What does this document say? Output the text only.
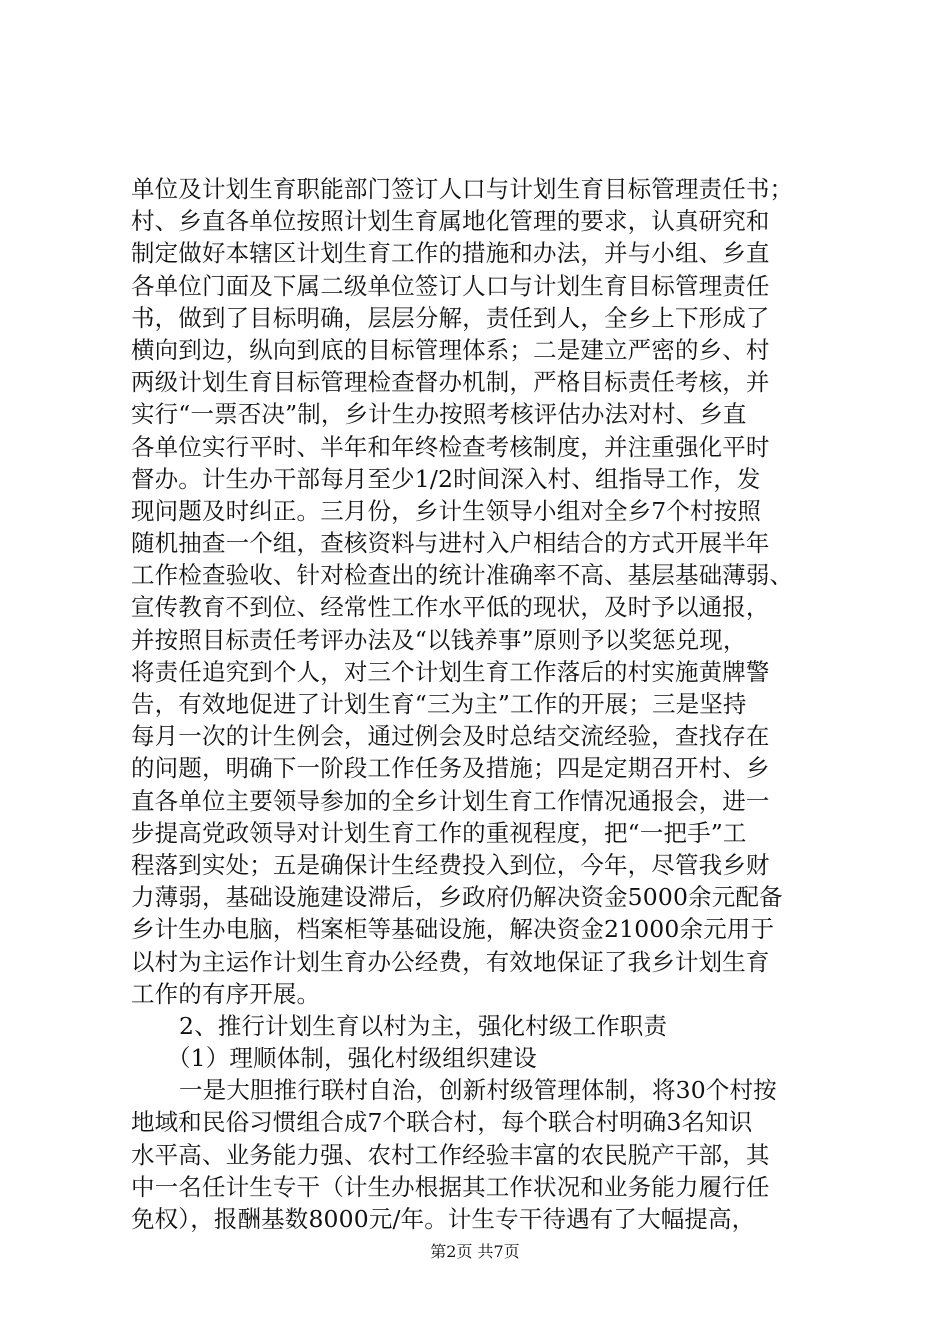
单位及计划生育职能部门签订人口与计划生育目标管理责任书；
村、乡直各单位按照计划生育属地化管理的要求，认真研究和
制定做好本辖区计划生育工作的措施和办法，并与小组、乡直
各单位门面及下属二级单位签订人口与计划生育目标管理责任
书，做到了目标明确，层层分解，责任到人，全乡上下形成了
横向到边，纵向到底的目标管理体系；二是建立严密的乡、村
两级计划生育目标管理检查督办机制，严格目标责任考核，并
实行“一票否决”制，乡计生办按照考核评估办法对村、乡直
各单位实行平时、半年和年终检查考核制度，并注重强化平时
督办。计生办干部每月至少1/2时间深入村、组指导工作，发
现问题及时纠正。三月份，乡计生领导小组对全乡7个村按照
随机抽查一个组，查核资料与进村入户相结合的方式开展半年
工作检查验收、针对检查出的统计准确率不高、基层基础薄弱、
宣传教育不到位、经常性工作水平低的现状，及时予以通报，
并按照目标责任考评办法及“以钱养事”原则予以奖惩兑现，
将责任追究到个人，对三个计划生育工作落后的村实施黄牌警
告，有效地促进了计划生育“三为主”工作的开展；三是坚持
每月一次的计生例会，通过例会及时总结交流经验，查找存在
的问题，明确下一阶段工作任务及措施；四是定期召开村、乡
直各单位主要领导参加的全乡计划生育工作情况通报会，进一
步提高党政领导对计划生育工作的重视程度，把“一把手”工
程落到实处；五是确保计生经费投入到位，今年，尽管我乡财
力薄弱，基础设施建设滞后，乡政府仍解决资金5000余元配备
乡计生办电脑，档案柜等基础设施，解决资金21000余元用于
以村为主运作计划生育办公经费，有效地保证了我乡计划生育
工作的有序开展。
2、推行计划生育以村为主，强化村级工作职责
（1）理顺体制，强化村级组织建设
一是大胆推行联村自治，创新村级管理体制，将30个村按
地域和民俗习惯组合成7个联合村，每个联合村明确3名知识
水平高、业务能力强、农村工作经验丰富的农民脱产干部，其
中一名任计生专干（计生办根据其工作状况和业务能力履行任
免权），报酬基数8000元/年。计生专干待遇有了大幅提高，
第2页 共7页
